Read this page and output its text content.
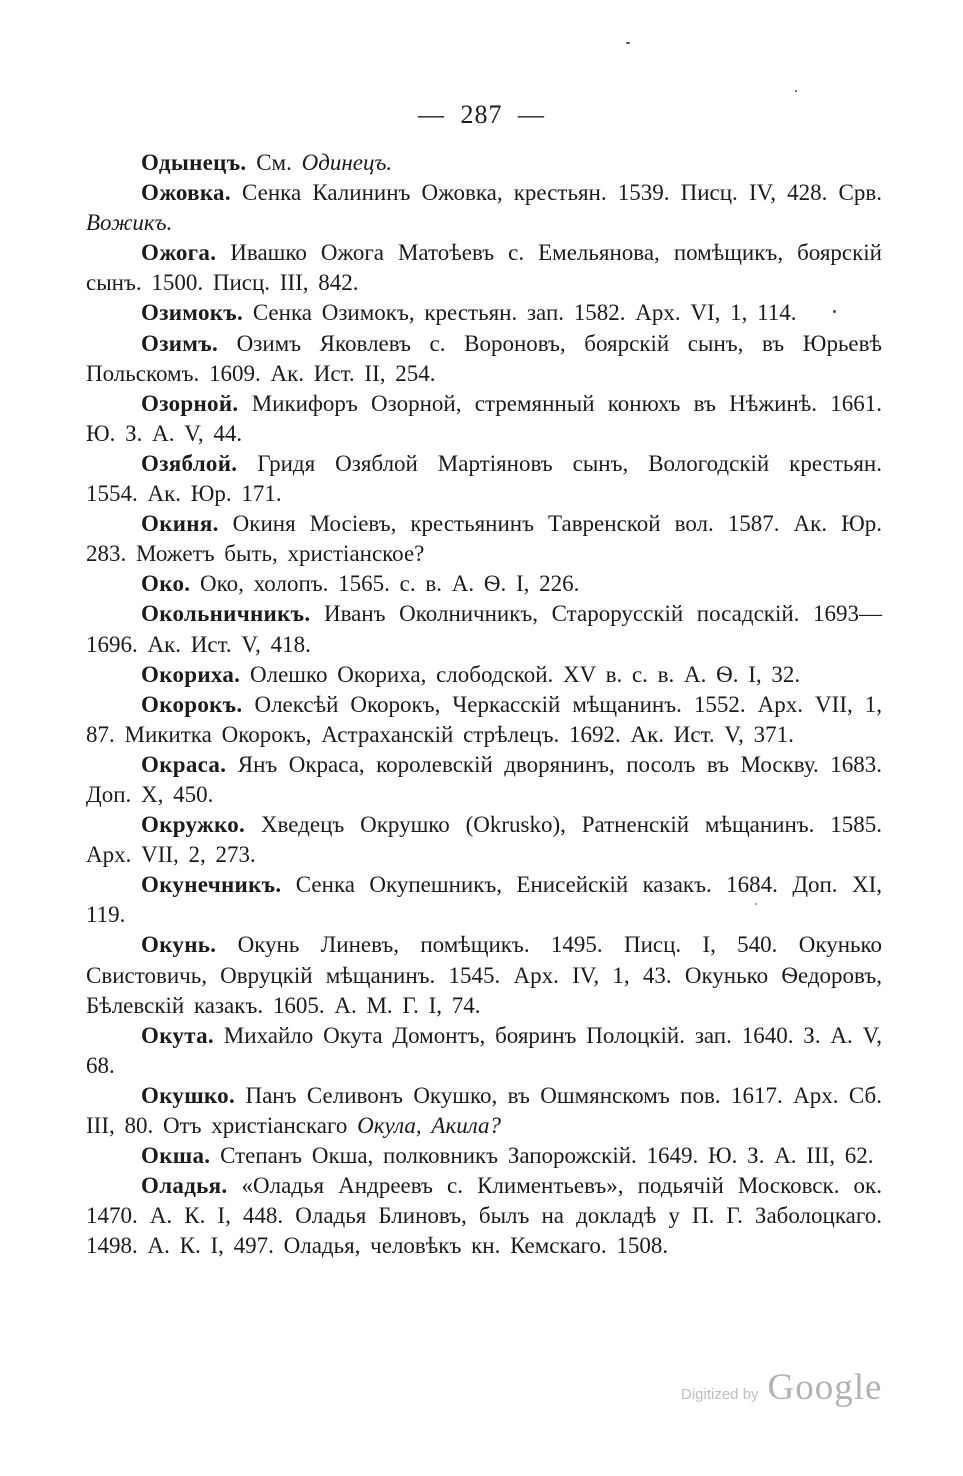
— 287 —

Одынецъ. См. Одинецъ.

Ожовка. Сенка Калининъ Ожовка, крестьян. 1539. Писц. IV, 428. Срв. Вожикъ.

Ожога. Ивашко Ожога Матоѣевъ с. Емельянова, помѣщикъ, боярскій сынъ. 1500. Писц. III, 842.

Озимокъ. Сенка Озимокъ, крестьян. зап. 1582. Арх. VI, 1, 114.

Озимъ. Озимъ Яковлевъ с. Вороновъ, боярскій сынъ, въ Юрьевѣ Польскомъ. 1609. Ак. Ист. II, 254.

Озорной. Микифоръ Озорной, стремянный конюхъ въ Нѣжинѣ. 1661. Ю. З. А. V, 44.

Озяблой. Гридя Озяблой Мартіяновъ сынъ, Вологодскій крестьян. 1554. Ак. Юр. 171.

Окиня. Окиня Мосіевъ, крестьянинъ Тавренской вол. 1587. Ак. Юр. 283. Можетъ быть, христіанское?

Око. Око, холопъ. 1565. с. в. А. Ѳ. I, 226.

Окольничникъ. Иванъ Околничникъ, Старорусскій посадскій. 1693—1696. Ак. Ист. V, 418.

Окориха. Олешко Окориха, слободской. XV в. с. в. А. Ѳ. I, 32.

Окорокъ. Олексѣй Окорокъ, Черкасскій мѣщанинъ. 1552. Арх. VII, 1, 87. Микитка Окорокъ, Астраханскій стрѣлецъ. 1692. Ак. Ист. V, 371.

Окраса. Янъ Окраса, королевскій дворянинъ, посолъ въ Москву. 1683. Доп. X, 450.

Окружко. Хведецъ Окрушко (Okrusko), Ратненскій мѣщанинъ. 1585. Арх. VII, 2, 273.

Окунечникъ. Сенка Окупешникъ, Енисейскій казакъ. 1684. Доп. XI, 119.

Окунь. Окунь Линевъ, помѣщикъ. 1495. Писц. I, 540. Окунько Свистовичь, Овруцкій мѣщанинъ. 1545. Арх. IV, 1, 43. Окунько Ѳедоровъ, Бѣлевскій казакъ. 1605. А. М. Г. I, 74.

Окута. Михайло Окута Домонтъ, бояринъ Полоцкій. зап. 1640. З. А. V, 68.

Окушко. Панъ Селивонъ Окушко, въ Ошмянскомъ пов. 1617. Арх. Сб. III, 80. Отъ христіанскаго Окула, Акила?

Окша. Степанъ Окша, полковникъ Запорожскій. 1649. Ю. З. А. III, 62.

Оладья. «Оладья Андреевъ с. Климентьевъ», подьячій Московск. ок. 1470. А. К. I, 448. Оладья Блиновъ, былъ на докладѣ у П. Г. Заболоцкаго. 1498. А. К. I, 497. Оладья, человѣкъ кн. Кемскаго. 1508.

Digitized by Google
